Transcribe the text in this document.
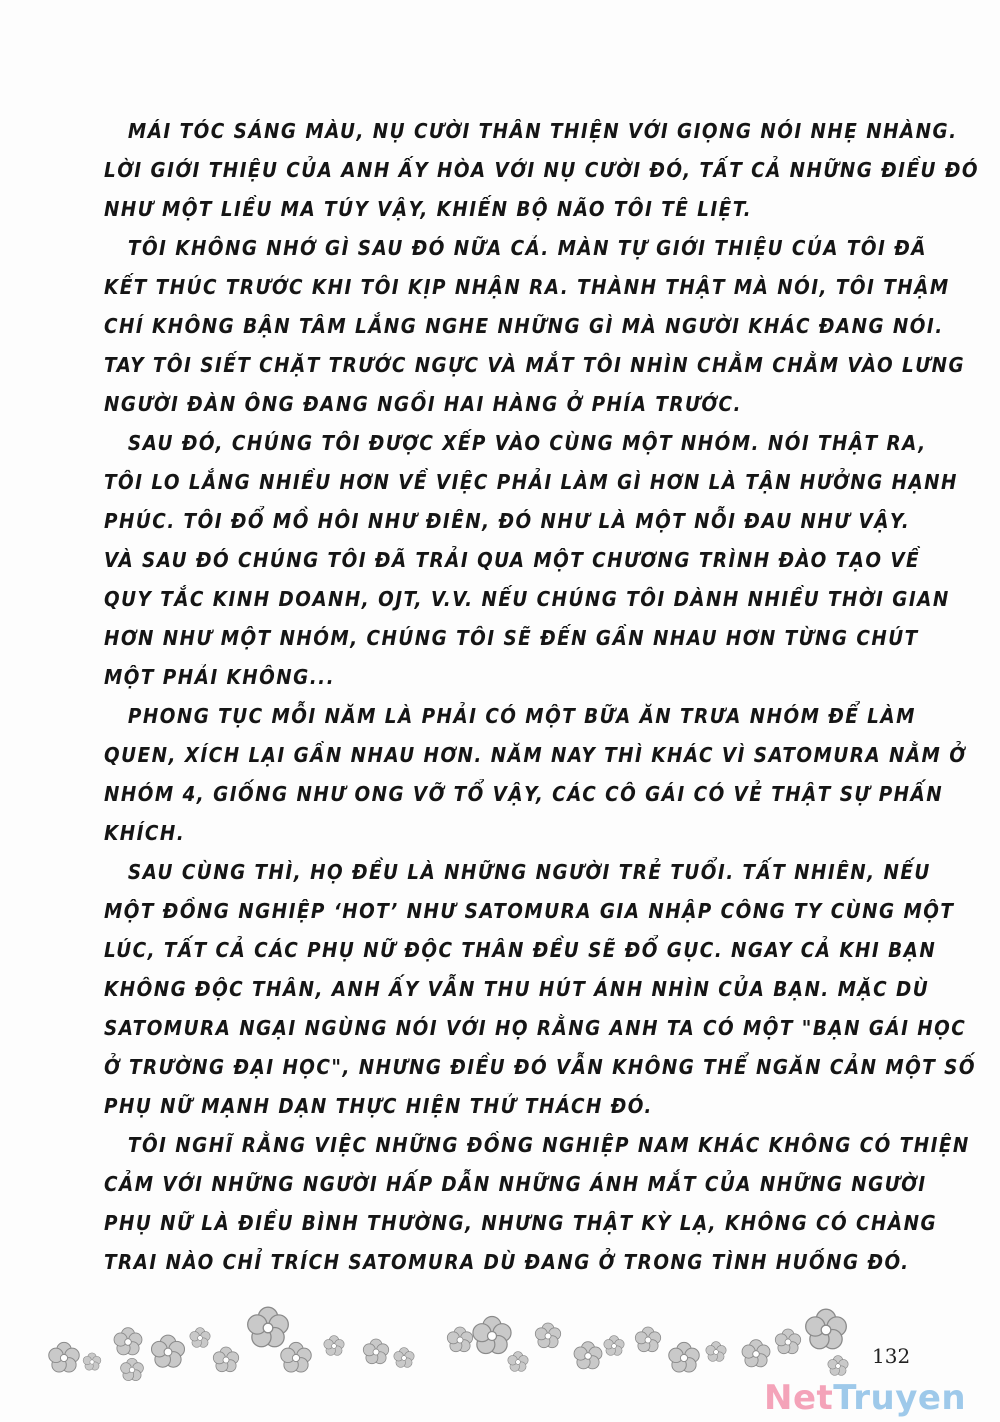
MÁI TÓC SÁNG MÀU, NỤ CƯỜI THÂN THIỆN VỚI GIỌNG NÓI NHẸ NHÀNG.
LỜI GIỚI THIỆU CỦA ANH ẤY HÒA VỚI NỤ CƯỜI ĐÓ, TẤT CẢ NHỮNG ĐIỀU ĐÓ
NHƯ MỘT LIỀU MA TÚY VẬY, KHIẾN BỘ NÃO TÔI TÊ LIỆT.
TÔI KHÔNG NHỚ GÌ SAU ĐÓ NỮA CẢ. MÀN TỰ GIỚI THIỆU CỦA TÔI ĐÃ
KẾT THÚC TRƯỚC KHI TÔI KỊP NHẬN RA. THÀNH THẬT MÀ NÓI, TÔI THẬM
CHÍ KHÔNG BẬN TÂM LẮNG NGHE NHỮNG GÌ MÀ NGƯỜI KHÁC ĐANG NÓI.
TAY TÔI SIẾT CHẶT TRƯỚC NGỰC VÀ MẮT TÔI NHÌN CHẰM CHẰM VÀO LƯNG
NGƯỜI ĐÀN ÔNG ĐANG NGỒI HAI HÀNG Ở PHÍA TRƯỚC.
SAU ĐÓ, CHÚNG TÔI ĐƯỢC XẾP VÀO CÙNG MỘT NHÓM. NÓI THẬT RA,
TÔI LO LẮNG NHIỀU HƠN VỀ VIỆC PHẢI LÀM GÌ HƠN LÀ TẬN HƯỞNG HẠNH
PHÚC. TÔI ĐỔ MỒ HÔI NHƯ ĐIÊN, ĐÓ NHƯ LÀ MỘT NỖI ĐAU NHƯ VẬY.
VÀ SAU ĐÓ CHÚNG TÔI ĐÃ TRẢI QUA MỘT CHƯƠNG TRÌNH ĐÀO TẠO VỀ
QUY TẮC KINH DOANH, OJT, V.V. NẾU CHÚNG TÔI DÀNH NHIỀU THỜI GIAN
HƠN NHƯ MỘT NHÓM, CHÚNG TÔI SẼ ĐẾN GẦN NHAU HƠN TỪNG CHÚT
MỘT PHẢI KHÔNG...
PHONG TỤC MỖI NĂM LÀ PHẢI CÓ MỘT BỮA ĂN TRƯA NHÓM ĐỂ LÀM
QUEN, XÍCH LẠI GẦN NHAU HƠN. NĂM NAY THÌ KHÁC VÌ SATOMURA NẰM Ở
NHÓM 4, GIỐNG NHƯ ONG VỠ TỔ VẬY, CÁC CÔ GÁI CÓ VẺ THẬT SỰ PHẤN
KHÍCH.
SAU CÙNG THÌ, HỌ ĐỀU LÀ NHỮNG NGƯỜI TRẺ TUỔI. TẤT NHIÊN, NẾU
MỘT ĐỒNG NGHIỆP ‘HOT’ NHƯ SATOMURA GIA NHẬP CÔNG TY CÙNG MỘT
LÚC, TẤT CẢ CÁC PHỤ NỮ ĐỘC THÂN ĐỀU SẼ ĐỔ GỤC. NGAY CẢ KHI BẠN
KHÔNG ĐỘC THÂN, ANH ẤY VẪN THU HÚT ÁNH NHÌN CỦA BẠN. MẶC DÙ
SATOMURA NGẠI NGÙNG NÓI VỚI HỌ RẰNG ANH TA CÓ MỘT "BẠN GÁI HỌC
Ở TRƯỜNG ĐẠI HỌC", NHƯNG ĐIỀU ĐÓ VẪN KHÔNG THỂ NGĂN CẢN MỘT SỐ
PHỤ NỮ MẠNH DẠN THỰC HIỆN THỬ THÁCH ĐÓ.
TÔI NGHĨ RẰNG VIỆC NHỮNG ĐỒNG NGHIỆP NAM KHÁC KHÔNG CÓ THIỆN
CẢM VỚI NHỮNG NGƯỜI HẤP DẪN NHỮNG ÁNH MẮT CỦA NHỮNG NGƯỜI
PHỤ NỮ LÀ ĐIỀU BÌNH THƯỜNG, NHƯNG THẬT KỲ LẠ, KHÔNG CÓ CHÀNG
TRAI NÀO CHỈ TRÍCH SATOMURA DÙ ĐANG Ở TRONG TÌNH HUỐNG ĐÓ.
132
NetTruyen
